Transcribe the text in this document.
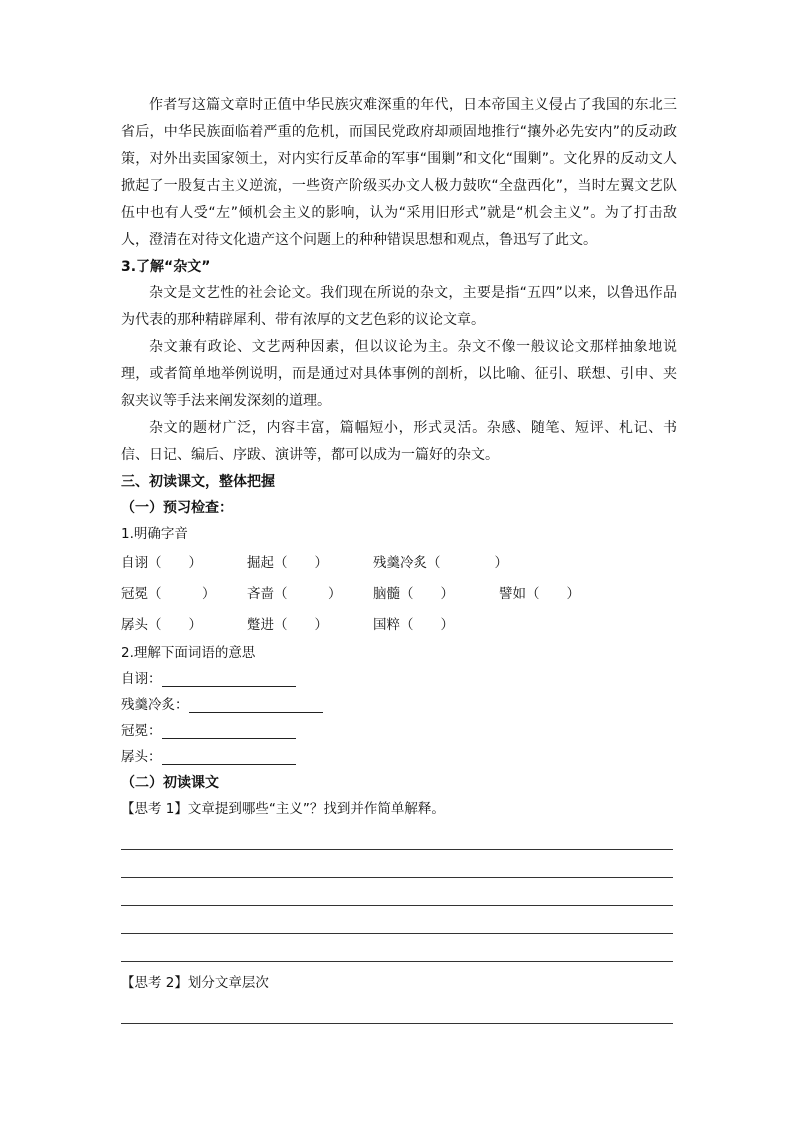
作者写这篇文章时正值中华民族灾难深重的年代，日本帝国主义侵占了我国的东北三省后，中华民族面临着严重的危机，而国民党政府却顽固地推行“攘外必先安内”的反动政策，对外出卖国家领土，对内实行反革命的军事“围剿”和文化“围剿”。文化界的反动文人掀起了一股复古主义逆流，一些资产阶级买办文人极力鼓吹“全盘西化”，当时左翼文艺队伍中也有人受“左”倾机会主义的影响，认为“采用旧形式”就是“机会主义”。为了打击敌人，澄清在对待文化遗产这个问题上的种种错误思想和观点，鲁迅写了此文。

3.了解“杂文”

杂文是文艺性的社会论文。我们现在所说的杂文，主要是指“五四”以来，以鲁迅作品为代表的那种精辟犀利、带有浓厚的文艺色彩的议论文章。

杂文兼有政论、文艺两种因素，但以议论为主。杂文不像一般议论文那样抽象地说理，或者简单地举例说明，而是通过对具体事例的剖析，以比喻、征引、联想、引申、夹叙夹议等手法来阐发深刻的道理。

杂文的题材广泛，内容丰富，篇幅短小，形式灵活。杂感、随笔、短评、札记、书信、日记、编后、序跋、演讲等，都可以成为一篇好的杂文。

三、初读课文，整体把握

（一）预习检查：

1.明确字音

自诩（　　）	掘起（　　）	残羹冷炙（　　　　）
冠冕（　　　） 吝啬（　　　） 脑髓（　　）	譬如（　　）
孱头（　　）	蹩进（　　）	国粹（　　）

2.理解下面词语的意思

自诩：
残羹冷炙：
冠冕：
孱头：

（二）初读课文

【思考 1】文章提到哪些“主义”？找到并作简单解释。

【思考 2】划分文章层次
